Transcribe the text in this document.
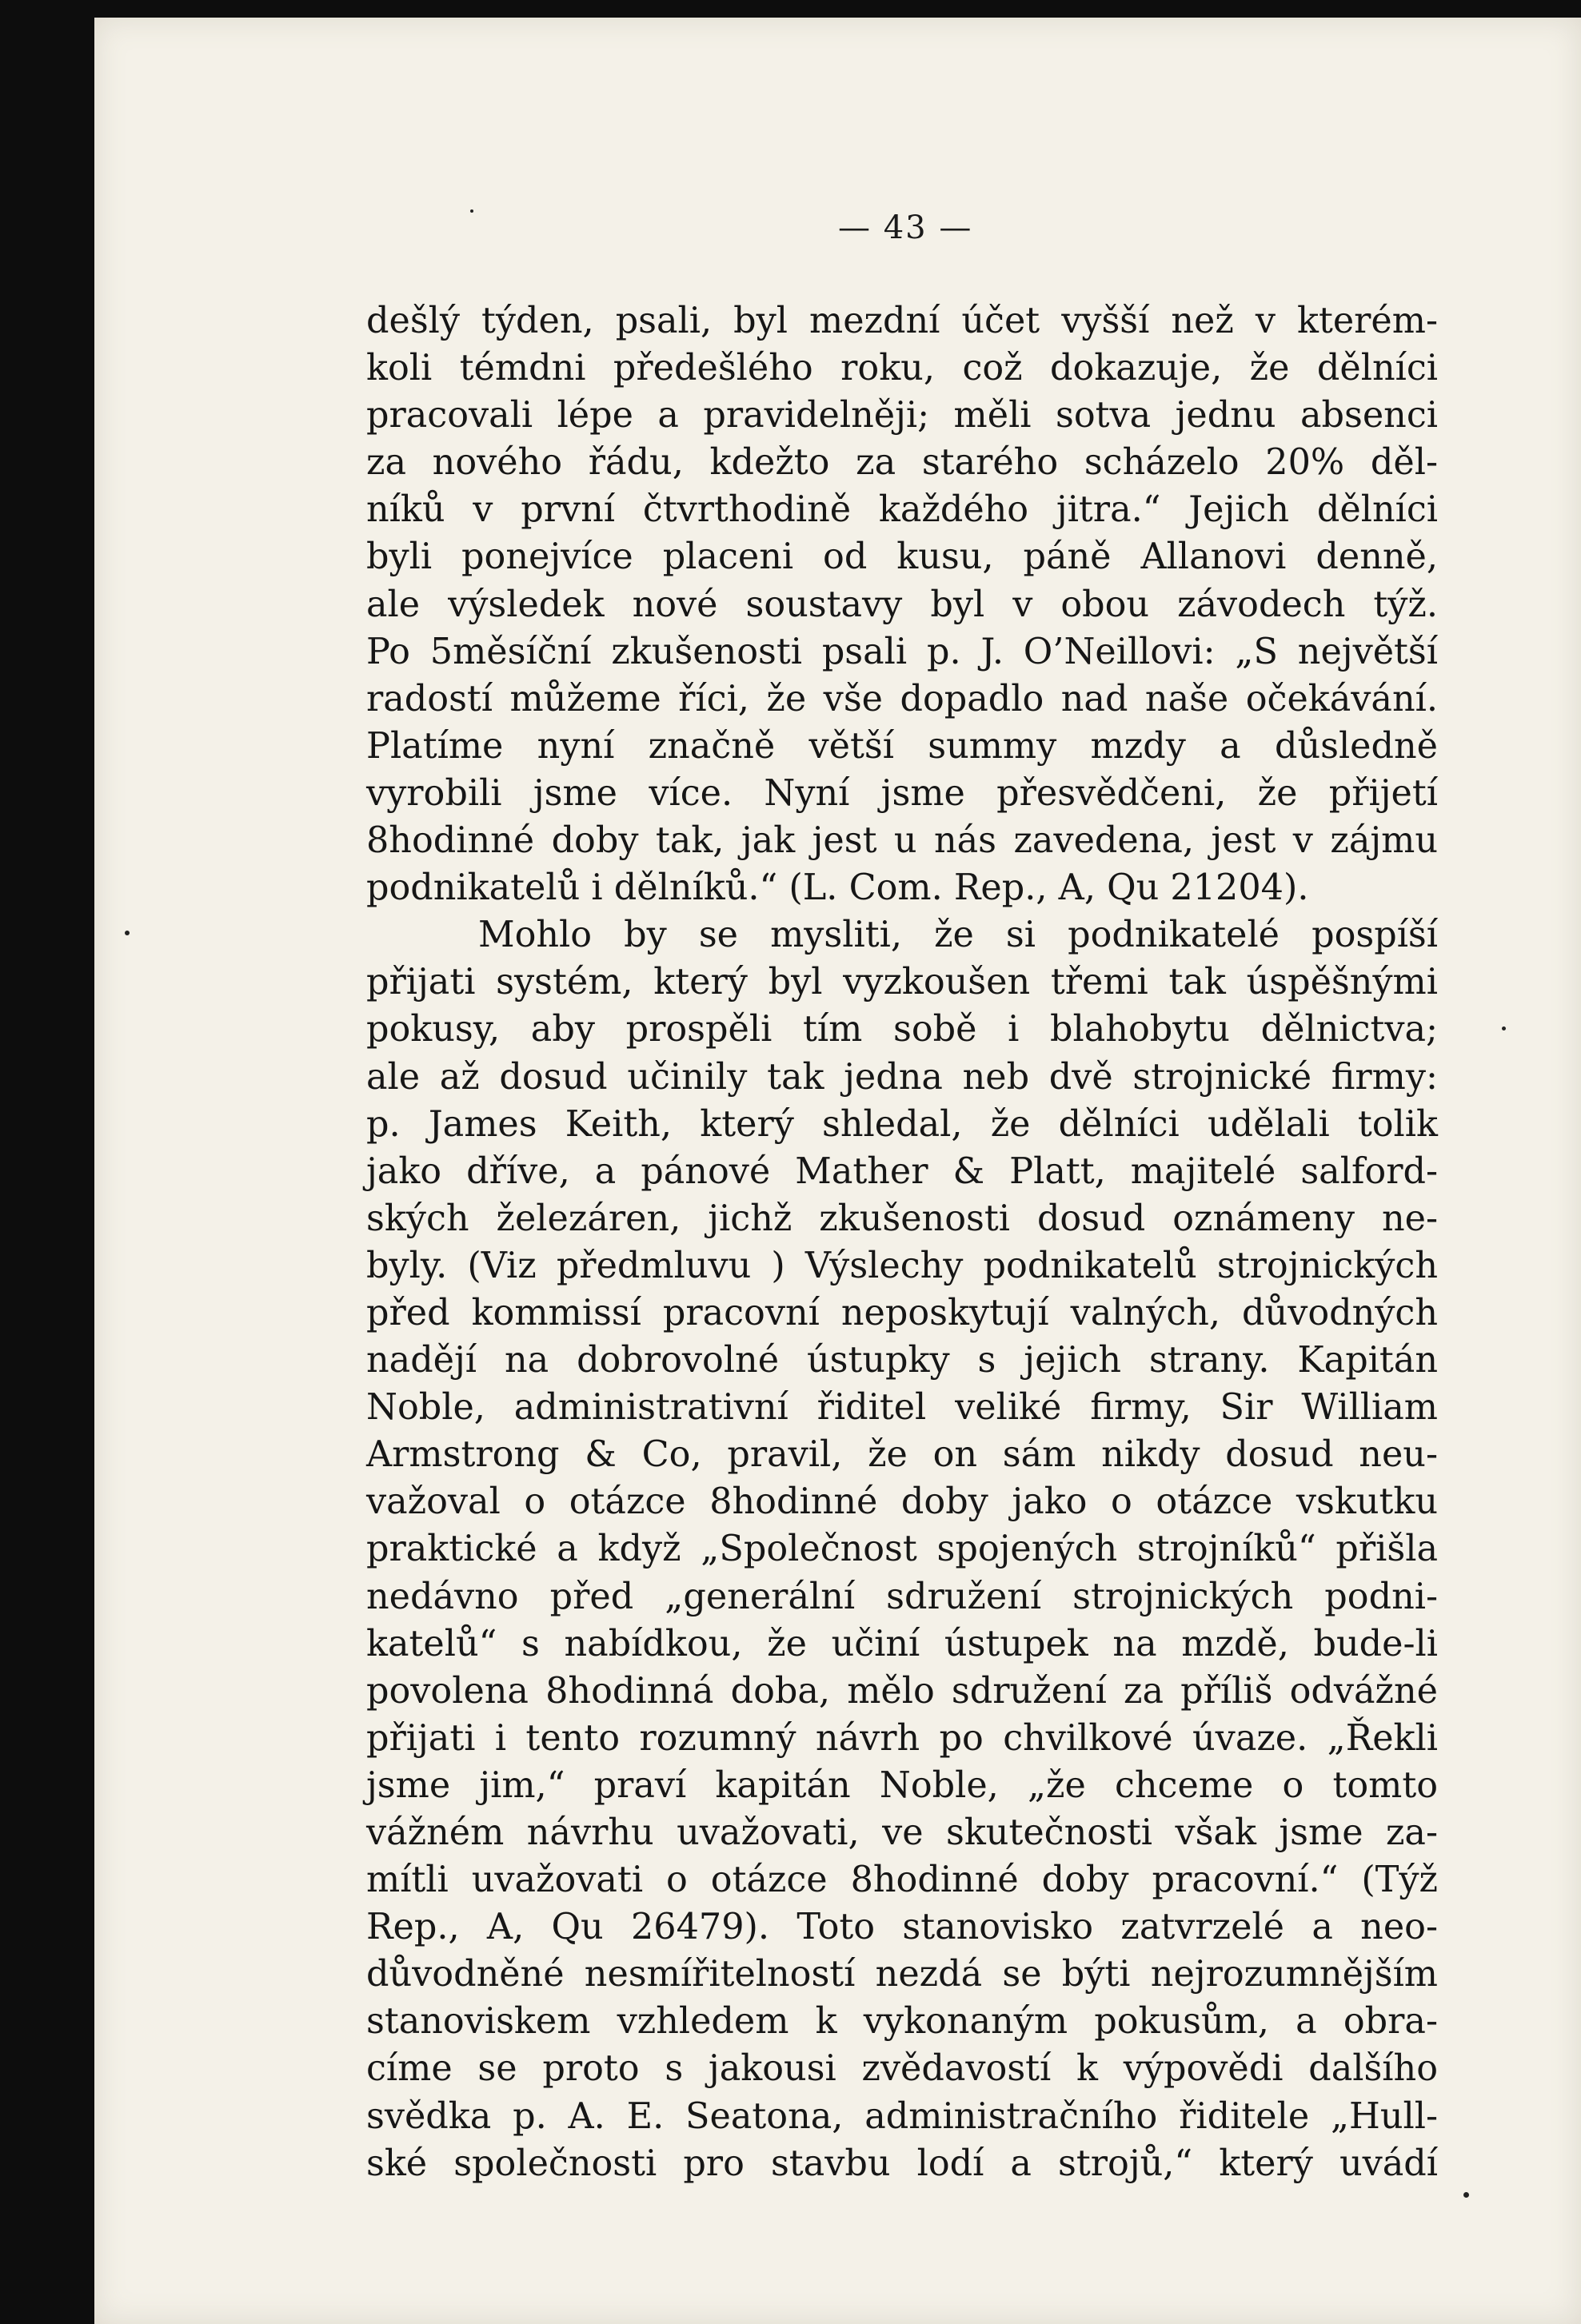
— 43 —
dešlý týden, psali, byl mezdní účet vyšší než v kterém-
koli témdni předešlého roku, což dokazuje, že dělníci
pracovali lépe a pravidelněji; měli sotva jednu absenci
za nového řádu, kdežto za starého scházelo 20% děl-
níků v první čtvrthodině každého jitra.“ Jejich dělníci
byli ponejvíce placeni od kusu, páně Allanovi denně,
ale výsledek nové soustavy byl v obou závodech týž.
Po 5měsíční zkušenosti psali p. J. O’Neillovi: „S největší
radostí můžeme říci, že vše dopadlo nad naše očekávání.
Platíme nyní značně větší summy mzdy a důsledně
vyrobili jsme více. Nyní jsme přesvědčeni, že přijetí
8hodinné doby tak, jak jest u nás zavedena, jest v zájmu
podnikatelů i dělníků.“ (L. Com. Rep., A, Qu 21204).
Mohlo by se mysliti, že si podnikatelé pospíší
přijati systém, který byl vyzkoušen třemi tak úspěšnými
pokusy, aby prospěli tím sobě i blahobytu dělnictva;
ale až dosud učinily tak jedna neb dvě strojnické firmy:
p. James Keith, který shledal, že dělníci udělali tolik
jako dříve, a pánové Mather & Platt, majitelé salford-
ských železáren, jichž zkušenosti dosud oznámeny ne-
byly. (Viz předmluvu ) Výslechy podnikatelů strojnických
před kommissí pracovní neposkytují valných, důvodných
nadějí na dobrovolné ústupky s jejich strany. Kapitán
Noble, administrativní řiditel veliké firmy, Sir William
Armstrong & Co, pravil, že on sám nikdy dosud neu-
važoval o otázce 8hodinné doby jako o otázce vskutku
praktické a když „Společnost spojených strojníků“ přišla
nedávno před „generální sdružení strojnických podni-
katelů“ s nabídkou, že učiní ústupek na mzdě, bude-li
povolena 8hodinná doba, mělo sdružení za příliš odvážné
přijati i tento rozumný návrh po chvilkové úvaze. „Řekli
jsme jim,“ praví kapitán Noble, „že chceme o tomto
vážném návrhu uvažovati, ve skutečnosti však jsme za-
mítli uvažovati o otázce 8hodinné doby pracovní.“ (Týž
Rep., A, Qu 26479). Toto stanovisko zatvrzelé a neo-
důvodněné nesmířitelností nezdá se býti nejrozumnějším
stanoviskem vzhledem k vykonaným pokusům, a obra-
címe se proto s jakousi zvědavostí k výpovědi dalšího
svědka p. A. E. Seatona, administračního řiditele „Hull-
ské společnosti pro stavbu lodí a strojů,“ který uvádí
